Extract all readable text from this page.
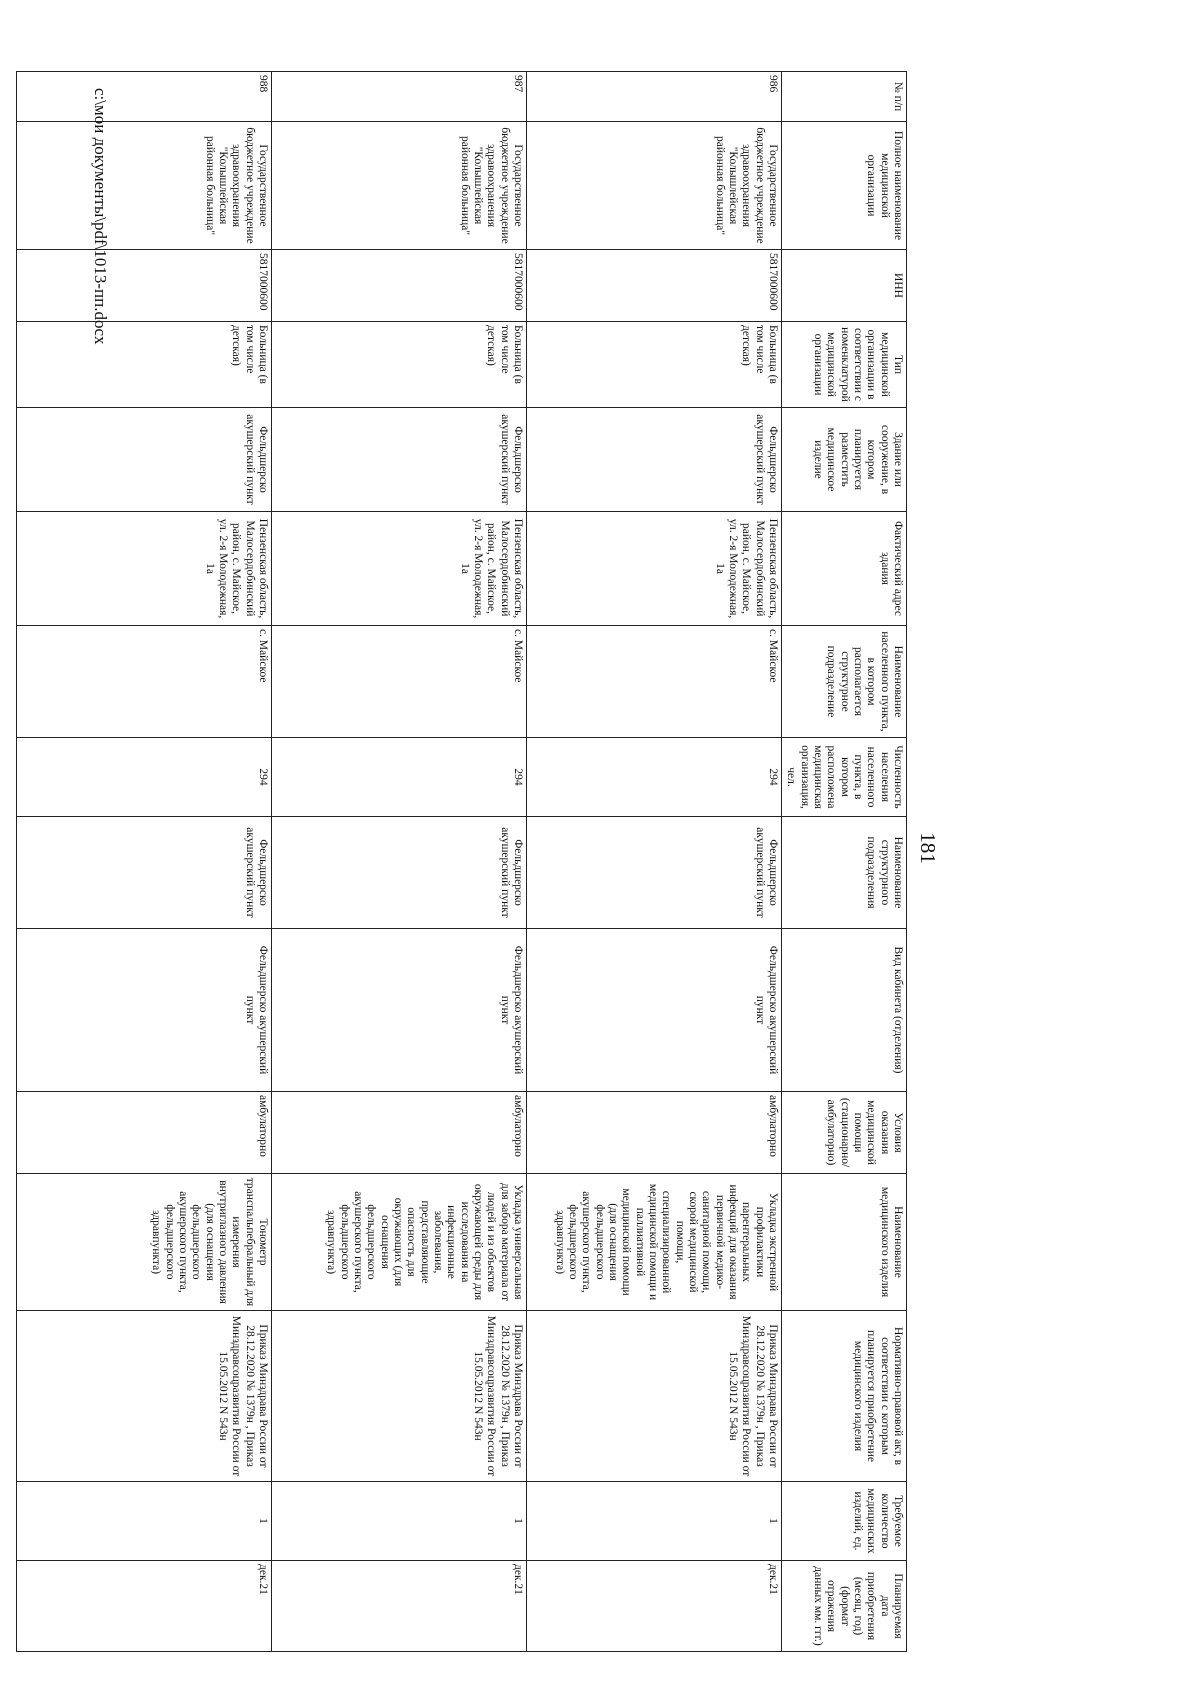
181
№ п/п	Полное наименование медицинской организации	ИНН	Тип медицинской организации в соответствии с номенклатурой медицинской организации	Здание или сооружение, в котором планируется разместить медицинское изделие	Фактический адрес здания	Наименование населенного пункта, в котором располагается структурное подразделение	Численность населения населенного пункта, в котором расположена медицинская организация, чел.	Наименование структурного подразделения	Вид кабинета (отделения)	Условия оказания медицинской помощи (стационарно/ амбулаторно)	Наименование медицинского изделия	Нормативно-правовой акт, в соответствии с которым планируется приобретение медицинского изделия	Требуемое количество медицинских изделий, ед.	Планируемая дата приобретения (месяц, год) (формат отражения данных мм. ггг.)
986	Государственное бюджетное учреждение здравоохранения "Колышлейская районная больница"	5817000600	Больница (в том числе детская)	Фельдшерско акушерский пункт	Пензенская область, Малосердобинский район, с. Майское, ул. 2-я Молодежная, 1а	с. Майское	294	Фельдшерско акушерский пункт	Фельдшерско акушерский пункт	амбулаторно	Укладка экстренной профилактики парентеральных инфекций для оказания первичной медико-санитарной помощи, скорой медицинской помощи, специализированной медицинской помощи и паллиативной медицинской помощи (для оснащения фельдшерского акушерского пункта, фельдшерского здравпункта)	Приказ Минздрава России от 28.12.2020 № 1379н , Приказ Минздравсоцразвития России от 15.05.2012 N 543н	1	дек.21
987	Государственное бюджетное учреждение здравоохранения "Колышлейская районная больница"	5817000600	Больница (в том числе детская)	Фельдшерско акушерский пункт	Пензенская область, Малосердобинский район, с. Майское, ул. 2-я Молодежная, 1а	с. Майское	294	Фельдшерско акушерский пункт	Фельдшерско акушерский пункт	амбулаторно	Укладка универсальная для забора материала от людей и из объектов окружающей среды для исследования на инфекционные заболевания, представляющие опасность для окружающих (для оснащения фельдшерского акушерского пункта, фельдшерского здравпункта)	Приказ Минздрава России от 28.12.2020 № 1379н , Приказ Минздравсоцразвития России от 15.05.2012 N 543н	1	дек.21
988	Государственное бюджетное учреждение здравоохранения "Колышлейская районная больница"	5817000600	Больница (в том числе детская)	Фельдшерско акушерский пункт	Пензенская область, Малосердобинский район, с. Майское, ул. 2-я Молодежная, 1а	с. Майское	294	Фельдшерско акушерский пункт	Фельдшерско акушерский пункт	амбулаторно	Тонометр транспальпебральный для измерения внутриглазного давления (для оснащения фельдшерского акушерского пункта, фельдшерского здравпункта)	Приказ Минздрава России от 28.12.2020 № 1379н , Приказ Минздравсоцразвития России от 15.05.2012 N 543н	1	дек.21
c:\мои документы\pdf\1013-пп.docx
